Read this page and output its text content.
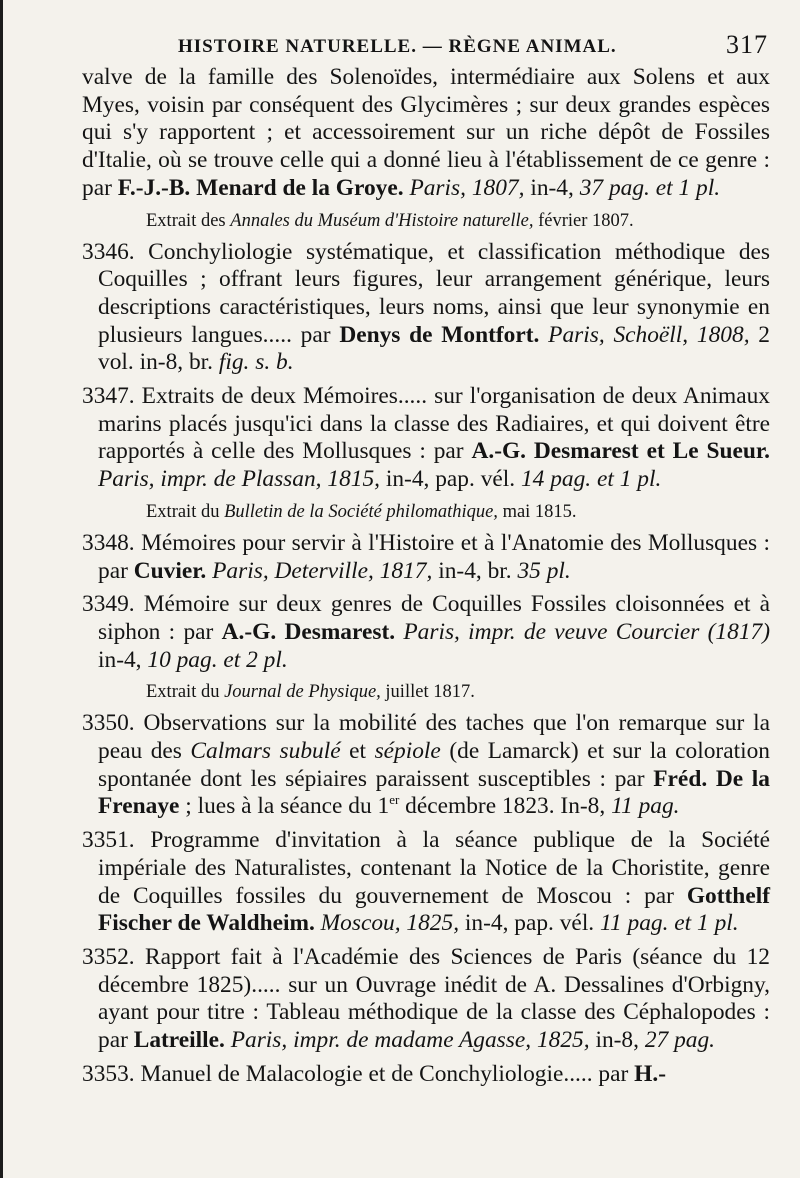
HISTOIRE NATURELLE. — RÈGNE ANIMAL.	317

valve de la famille des Solenoïdes, intermédiaire aux Solens et aux Myes, voisin par conséquent des Glycimères ; sur deux grandes espèces qui s'y rapportent ; et accessoirement sur un riche dépôt de Fossiles d'Italie, où se trouve celle qui a donné lieu à l'établissement de ce genre : par F.-J.-B. Menard de la Groye. Paris, 1807, in-4, 37 pag. et 1 pl.

Extrait des Annales du Muséum d'Histoire naturelle, février 1807.

3346. Conchyliologie systématique, et classification méthodique des Coquilles ; offrant leurs figures, leur arrangement générique, leurs descriptions caractéristiques, leurs noms, ainsi que leur synonymie en plusieurs langues..... par Denys de Montfort. Paris, Schoëll, 1808, 2 vol. in-8, br. fig. s. b.

3347. Extraits de deux Mémoires..... sur l'organisation de deux Animaux marins placés jusqu'ici dans la classe des Radiaires, et qui doivent être rapportés à celle des Mollusques : par A.-G. Desmarest et Le Sueur. Paris, impr. de Plassan, 1815, in-4, pap. vél. 14 pag. et 1 pl.

Extrait du Bulletin de la Société philomathique, mai 1815.

3348. Mémoires pour servir à l'Histoire et à l'Anatomie des Mollusques : par Cuvier. Paris, Deterville, 1817, in-4, br. 35 pl.

3349. Mémoire sur deux genres de Coquilles Fossiles cloisonnées et à siphon : par A.-G. Desmarest. Paris, impr. de veuve Courcier (1817) in-4, 10 pag. et 2 pl.

Extrait du Journal de Physique, juillet 1817.

3350. Observations sur la mobilité des taches que l'on remarque sur la peau des Calmars subulé et sépiole (de Lamarck) et sur la coloration spontanée dont les sépiaires paraissent susceptibles : par Fréd. De la Frenaye ; lues à la séance du 1er décembre 1823. In-8, 11 pag.

3351. Programme d'invitation à la séance publique de la Société impériale des Naturalistes, contenant la Notice de la Choristite, genre de Coquilles fossiles du gouvernement de Moscou : par Gotthelf Fischer de Waldheim. Moscou, 1825, in-4, pap. vél. 11 pag. et 1 pl.

3352. Rapport fait à l'Académie des Sciences de Paris (séance du 12 décembre 1825)..... sur un Ouvrage inédit de A. Dessalines d'Orbigny, ayant pour titre : Tableau méthodique de la classe des Céphalopodes : par Latreille. Paris, impr. de madame Agasse, 1825, in-8, 27 pag.

3353. Manuel de Malacologie et de Conchyliologie..... par H.-
